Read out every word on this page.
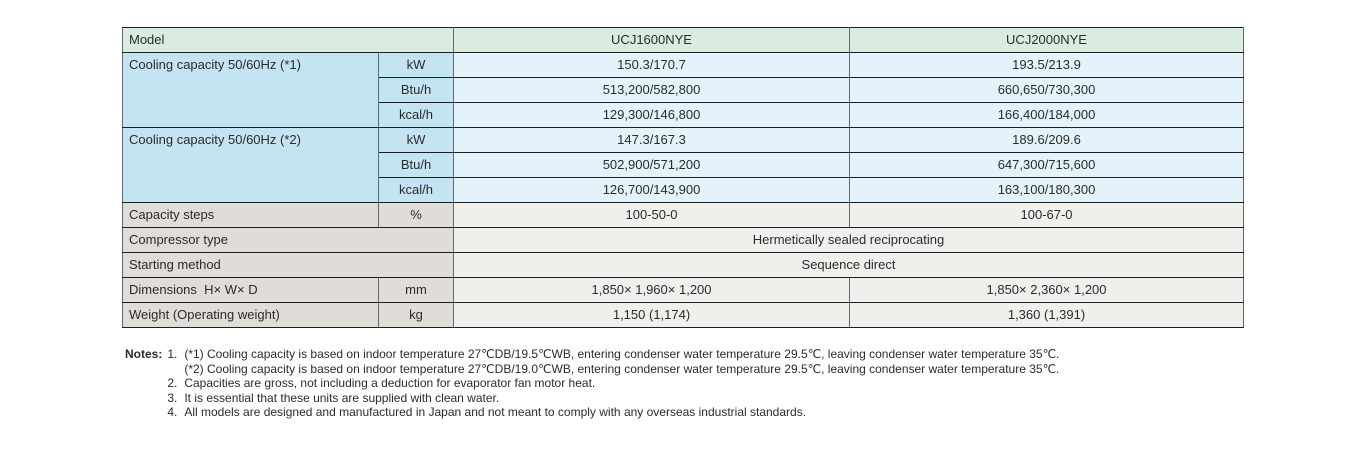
Model		UCJ1600NYE	UCJ2000NYE
Cooling capacity 50/60Hz (*1)	kW	150.3/170.7	193.5/213.9
	Btu/h	513,200/582,800	660,650/730,300
	kcal/h	129,300/146,800	166,400/184,000
Cooling capacity 50/60Hz (*2)	kW	147.3/167.3	189.6/209.6
	Btu/h	502,900/571,200	647,300/715,600
	kcal/h	126,700/143,900	163,100/180,300
Capacity steps	%	100-50-0	100-67-0
Compressor type		Hermetically sealed reciprocating	
Starting method		Sequence direct	
Dimensions  H× W× D	mm	1,850× 1,960× 1,200	1,850× 2,360× 1,200
Weight (Operating weight)	kg	1,150 (1,174)	1,360 (1,391)
Notes: 1. (*1) Cooling capacity is based on indoor temperature 27℃DB/19.5℃WB, entering condenser water temperature 29.5℃, leaving condenser water temperature 35℃.
(*2) Cooling capacity is based on indoor temperature 27℃DB/19.0℃WB, entering condenser water temperature 29.5℃, leaving condenser water temperature 35℃.
2. Capacities are gross, not including a deduction for evaporator fan motor heat.
3. It is essential that these units are supplied with clean water.
4. All models are designed and manufactured in Japan and not meant to comply with any overseas industrial standards.
